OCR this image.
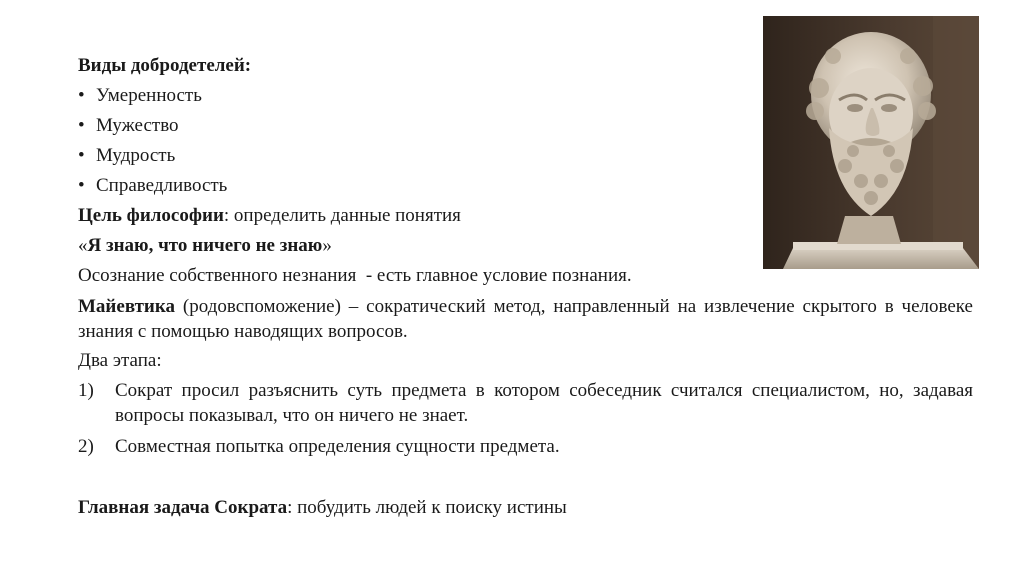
Виды добродетелей:
• Умеренность
• Мужество
• Мудрость
• Справедливость
Цель философии: определить данные понятия
«Я знаю, что ничего не знаю»
Осознание собственного незнания  - есть главное условие познания.
Майевтика (родовспоможение) – сократический метод, направленный на извлечение скрытого в человеке знания с помощью наводящих вопросов.
Два этапа:
1)	Сократ просил разъяснить суть предмета в котором собеседник считался специалистом, но, задавая вопросы показывал, что он ничего не знает.
2)	Совместная попытка определения сущности предмета.
Главная задача Сократа: побудить людей к поиску истины
